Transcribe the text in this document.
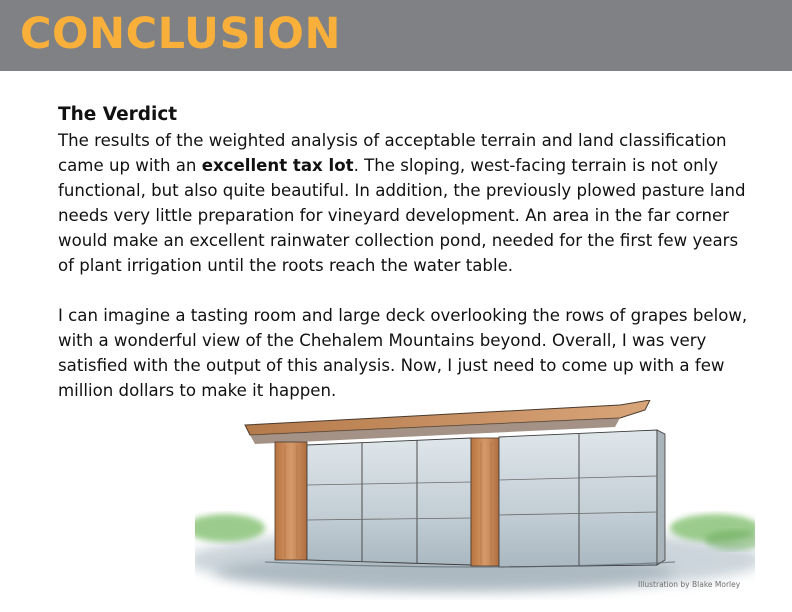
CONCLUSION
The Verdict

The results of the weighted analysis of acceptable terrain and land classification
came up with an excellent tax lot. The sloping, west-facing terrain is not only
functional, but also quite beautiful. In addition, the previously plowed pasture land
needs very little preparation for vineyard development. An area in the far corner
would make an excellent rainwater collection pond, needed for the first few years
of plant irrigation until the roots reach the water table.

I can imagine a tasting room and large deck overlooking the rows of grapes below,
with a wonderful view of the Chehalem Mountains beyond. Overall, I was very
satisfied with the output of this analysis. Now, I just need to come up with a few
million dollars to make it happen.

Illustration by Blake Morley
